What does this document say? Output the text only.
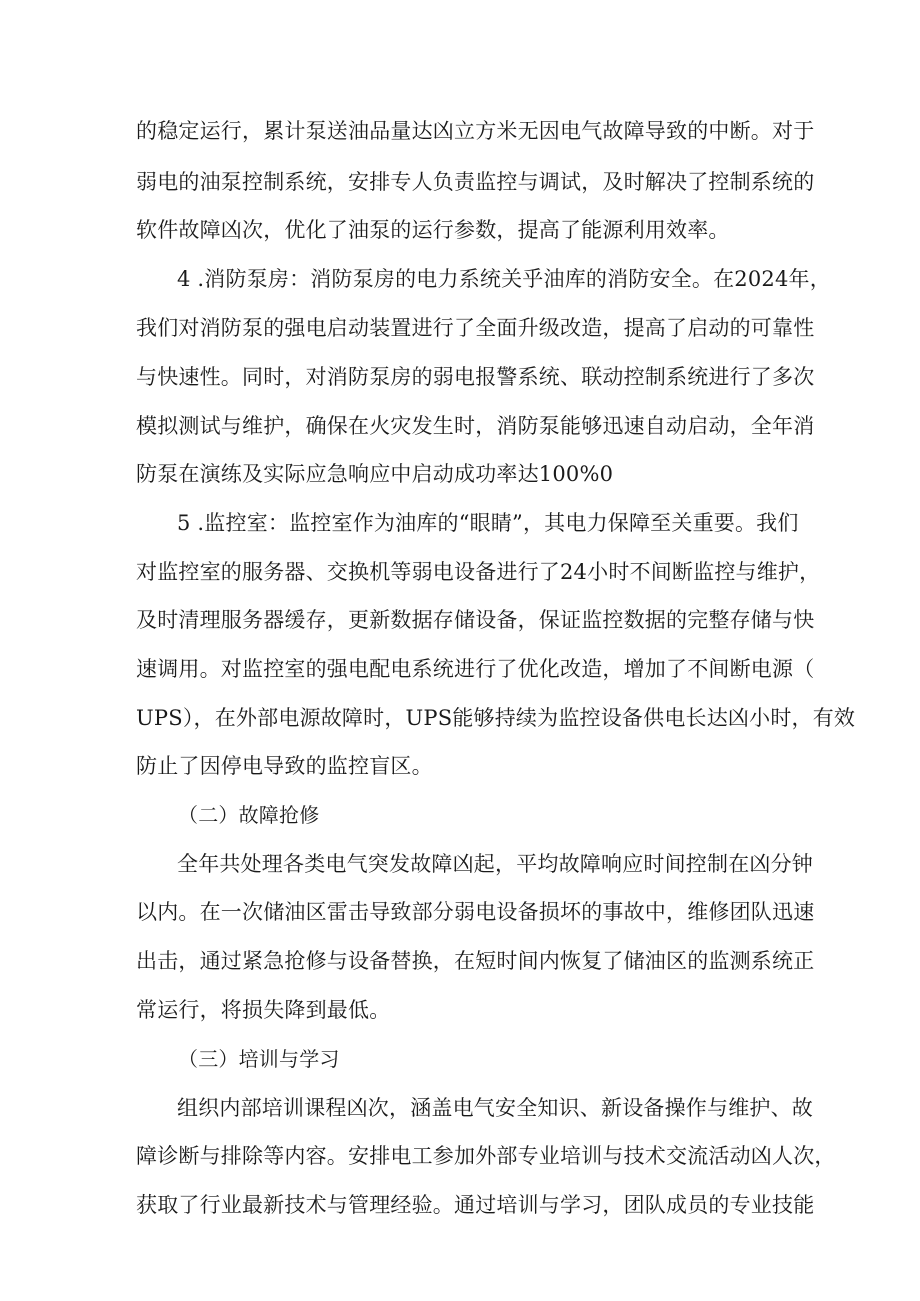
的稳定运行，累计泵送油品量达凶立方米无因电气故障导致的中断。对于
弱电的油泵控制系统，安排专人负责监控与调试，及时解决了控制系统的
软件故障凶次，优化了油泵的运行参数，提高了能源利用效率。
4 .消防泵房：消防泵房的电力系统关乎油库的消防安全。在2024年，
我们对消防泵的强电启动装置进行了全面升级改造，提高了启动的可靠性
与快速性。同时，对消防泵房的弱电报警系统、联动控制系统进行了多次
模拟测试与维护，确保在火灾发生时，消防泵能够迅速自动启动，全年消
防泵在演练及实际应急响应中启动成功率达100%0
5 .监控室：监控室作为油库的“眼睛”，其电力保障至关重要。我们
对监控室的服务器、交换机等弱电设备进行了24小时不间断监控与维护，
及时清理服务器缓存，更新数据存储设备，保证监控数据的完整存储与快
速调用。对监控室的强电配电系统进行了优化改造，增加了不间断电源（
UPS），在外部电源故障时，UPS能够持续为监控设备供电长达凶小时，有效
防止了因停电导致的监控盲区。
（二）故障抢修
全年共处理各类电气突发故障凶起，平均故障响应时间控制在凶分钟
以内。在一次储油区雷击导致部分弱电设备损坏的事故中，维修团队迅速
出击，通过紧急抢修与设备替换，在短时间内恢复了储油区的监测系统正
常运行，将损失降到最低。
（三）培训与学习
组织内部培训课程凶次，涵盖电气安全知识、新设备操作与维护、故
障诊断与排除等内容。安排电工参加外部专业培训与技术交流活动凶人次，
获取了行业最新技术与管理经验。通过培训与学习，团队成员的专业技能
